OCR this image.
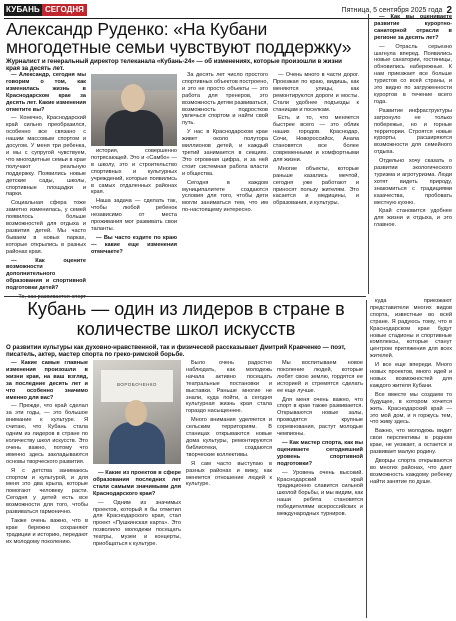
КУБАНЬ СЕГОДНЯ	Пятница, 5 сентября 2025 года 2
Александр Руденко: «На Кубани многодетные семьи чувствуют поддержку»
Журналист и генеральный директор телеканала «Кубань-24» — об изменениях, которые произошли в жизни края за десять лет.

— Александр, сегодня мы говорим о том, как изменилась жизнь в Краснодарском крае за десять лет. Какие изменения отметите вы?

— Конечно, Краснодарский край сильно преобразился, особенно все связано с нашим массовым спортом и досугом. У меня три ребенка, и мы с супругой чувствуем, что многодетные семьи в крае получают реальную поддержку. Появились новые детские сады, школы, спортивные площадки и парки.

Социальная сфера тоже заметно изменилась, у семей появилось больше возможностей для отдыха и развития детей. Мы часто бываем в новых парках, которые открылись в разных районах края.

— Как оцените возможности дополнительного образования и спортивной подготовки детей?

— То, как развивается спорт

история, совершенно потрясающей. Это и «Самбо» — в школу, это и строительство спортивных и культурных учреждений, которые появились в самых отдаленных районах края.

Наша задача — сделать так, чтобы любой ребенок независимо от места проживания мог развивать свои таланты.

— Вы часто ездите по краю — какие еще изменения отмечаете?

За десять лет число простого спортивных объектов построено, и это не просто объекты — это работа для тренеров, это возможность детям развиваться, возможность подростков увлечься спортом и найти свой путь.

У нас в Краснодарском крае живет около полутора миллионов детей, и каждый третий занимается в секциях. Это огромная цифра, и за ней стоит системная работа власти и общества.

Сегодня в каждом муниципалитете создаются условия для того, чтобы дети могли заниматься тем, что им по-настоящему интересно.

— Очень много в части дорог. Проезжая по краю, видишь, как меняются улицы, как ремонтируются дороги и мосты. Стали удобнее подъезды к станицам и поселкам.

Есть и то, что меняется быстрее всего — это облик наших городов. Краснодар, Сочи, Новороссийск, Анапа становятся все более современными и комфортными для жизни.

Многие объекты, которые раньше казались мечтой, сегодня уже работают и приносят пользу жителям. Это касается и медицины, и образования, и культуры.

— Как вы оцениваете развитие курортно-санаторной отрасли в регионе за десять лет?

— Отрасль серьезно шагнула вперед. Появились новые санатории, гостиницы, обновились набережные. К нам приезжает все больше туристов со всей страны, и это видно по загруженности курортов в течение всего года.

Развитие инфраструктуры затронуло не только побережье, но и горные территории. Строятся новые курорты, расширяются возможности для семейного отдыха.

Отдельно хочу сказать о развитии экологического туризма и агротуризма. Люди хотят видеть природу, знакомиться с традициями казачества, пробовать местную кухню.

Край становится удобнее для жизни и отдыха, и это главное.

Кубань — один из лидеров в стране в количестве школ искусств
О развитии культуры как духовно-нравственной, так и физической рассказывает Дмитрий Кравченко — поэт, писатель, актер, мастер спорта по греко-римской борьбе.

— Какие самые главные изменения произошли в жизни края, на ваш взгляд, за последние десять лет и что особенно значимо именно для вас?

— Прежде, что край сделал за эти годы, — это большое внимание к культуре. Я считаю, что Кубань стала одним из лидеров в стране по количеству школ искусств. Это очень важно, потому что именно здесь закладываются основы творческого развития.

Я с детства занимаюсь спортом и культурой, и для меня это два крыла, которые помогают человеку расти. Сегодня у детей есть все возможности для того, чтобы развиваться гармонично.

Также очень важно, что в крае бережно сохраняют традиции и историю, передают их молодому поколению.

ВОРОБОЧЕНКО

— Какие из проектов в сфере образования последних лет стали самыми значимыми для Краснодарского края?

— Одним из значимых проектов, который я бы отметил для Краснодарского края, стал проект «Пушкинская карта». Это позволило молодежи посещать театры, музеи и концерты, приобщаться к культуре.

Было очень радостно наблюдать, как молодежь начала активно посещать театральные постановки и выставки. Раньше многие не знали, куда пойти, а сегодня культурная жизнь края стала гораздо насыщеннее.

Много внимания уделяется и сельским территориям. В станицах открываются новые дома культуры, ремонтируются библиотеки, создаются творческие коллективы.

Я сам часто выступаю в разных районах и вижу, как меняется отношение людей к культуре.

Мы воспитываем новое поколение людей, которые любят свою землю, гордятся ее историей и стремятся сделать ее еще лучше.

Для меня очень важно, что спорт в крае также развивается. Открываются новые залы, проводятся крупные соревнования, растут молодые чемпионы.

— Как мастер спорта, как вы оцениваете сегодняшний уровень спортивной подготовки?

— Уровень очень высокий. Краснодарский край традиционно славится сильной школой борьбы, и мы видим, как наши ребята становятся победителями всероссийских и международных турниров.

куда приезжают представители многих видов спорта, известные во всей стране. Я радуюсь тому, что в Краснодарском крае будут новые стадионы и спортивные комплексы, которые станут центром притяжения для всех жителей.

И все еще впереди. Много новых проектов, много идей и новых возможностей для каждого жителя Кубани.

Все вместе мы создаем то будущее, в котором хочется жить. Краснодарский край — это мой дом, и я горжусь тем, что живу здесь.

Важно, что молодежь видит свои перспективы в родном крае, не уезжает, а остается и развивает малую родину.

Дворцы спорта открываются во многих районах, что дает возможность каждому ребенку найти занятие по душе.
